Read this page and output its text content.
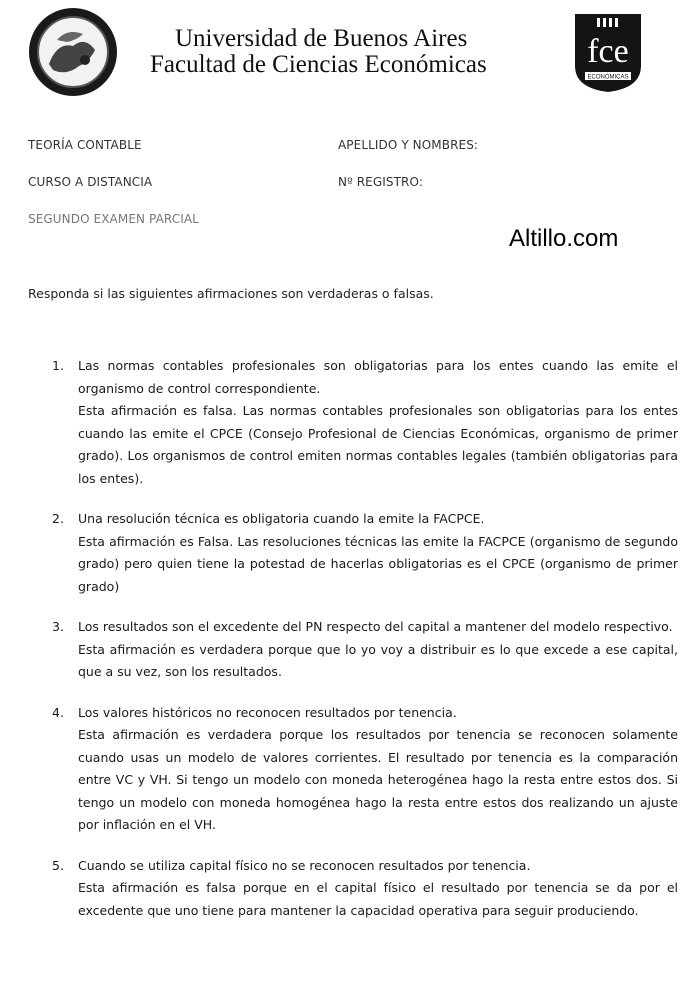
Universidad de Buenos Aires
Facultad de Ciencias Económicas	fce
ECONÓMICAS
TEORÍA CONTABLE	APELLIDO Y NOMBRES:
CURSO A DISTANCIA	Nº REGISTRO:
SEGUNDO EXAMEN PARCIAL
Altillo.com
Responda si las siguientes afirmaciones son verdaderas o falsas.
1.	Las normas contables profesionales son obligatorias para los entes cuando las emite el organismo de control correspondiente.

Esta afirmación es falsa. Las normas contables profesionales son obligatorias para los entes cuando las emite el CPCE (Consejo Profesional de Ciencias Económicas, organismo de primer grado). Los organismos de control emiten normas contables legales (también obligatorias para los entes).

2.	Una resolución técnica es obligatoria cuando la emite la FACPCE.

Esta afirmación es Falsa. Las resoluciones técnicas las emite la FACPCE (organismo de segundo grado) pero quien tiene la potestad de hacerlas obligatorias es el CPCE (organismo de primer grado)

3.	Los resultados son el excedente del PN respecto del capital a mantener del modelo respectivo.

Esta afirmación es verdadera porque que lo yo voy a distribuir es lo que excede a ese capital, que a su vez, son los resultados.

4.	Los valores históricos no reconocen resultados por tenencia.

Esta afirmación es verdadera porque los resultados por tenencia se reconocen solamente cuando usas un modelo de valores corrientes. El resultado por tenencia es la comparación entre VC y VH. Si tengo un modelo con moneda heterogénea hago la resta entre estos dos. Si tengo un modelo con moneda homogénea hago la resta entre estos dos realizando un ajuste por inflación en el VH.

5.	Cuando se utiliza capital físico no se reconocen resultados por tenencia.

Esta afirmación es falsa porque en el capital físico el resultado por tenencia se da por el excedente que uno tiene para mantener la capacidad operativa para seguir produciendo.
